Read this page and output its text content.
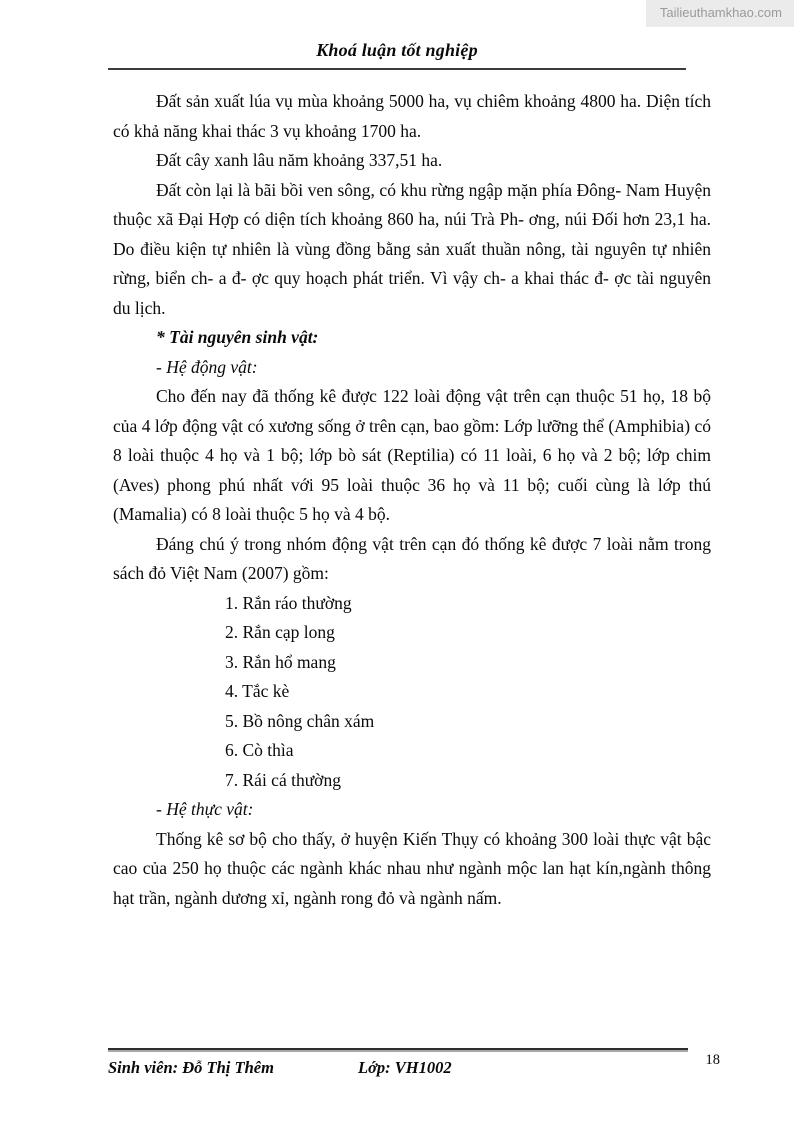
Tailieuthamkhao.com
Khoá luận tốt nghiệp

Đất sản xuất lúa vụ mùa khoảng 5000 ha, vụ chiêm khoảng 4800 ha. Diện tích có khả năng khai thác 3 vụ khoảng 1700 ha.

Đất cây xanh lâu năm khoảng 337,51 ha.

Đất còn lại là bãi bồi ven sông, có khu rừng ngập mặn phía Đông- Nam Huyện thuộc xã Đại Hợp có diện tích khoảng 860 ha, núi Trà Ph- ơng, núi Đối hơn 23,1 ha. Do điều kiện tự nhiên là vùng đồng bằng sản xuất thuần nông, tài nguyên tự nhiên rừng, biển ch- a đ- ợc quy hoạch phát triển. Vì vậy ch- a khai thác đ- ợc tài nguyên du lịch.

* Tài nguyên sinh vật:

- Hệ động vật:

Cho đến nay đã thống kê được 122 loài động vật trên cạn thuộc 51 họ, 18 bộ của 4 lớp động vật có xương sống ở trên cạn, bao gồm: Lớp lưỡng thể (Amphibia) có 8 loài thuộc 4 họ và 1 bộ; lớp bò sát (Reptilia) có 11 loài, 6 họ và 2 bộ; lớp chim (Aves) phong phú nhất với 95 loài thuộc 36 họ và 11 bộ; cuối cùng là lớp thú (Mamalia) có 8 loài thuộc 5 họ và 4 bộ.

Đáng chú ý trong nhóm động vật trên cạn đó thống kê được 7 loài nằm trong sách đỏ Việt Nam (2007) gồm:

1. Rắn ráo thường
2. Rắn cạp long
3. Rắn hổ mang
4. Tắc kè
5. Bồ nông chân xám
6. Cò thìa
7. Rái cá thường

- Hệ thực vật:

Thống kê sơ bộ cho thấy, ở huyện Kiến Thụy có khoảng 300 loài thực vật bậc cao của 250 họ thuộc các ngành khác nhau như ngành mộc lan hạt kín,ngành thông hạt trần, ngành dương xỉ, ngành rong đỏ và ngành nấm.

Sinh viên: Đỗ Thị Thêm	Lớp: VH1002	18
